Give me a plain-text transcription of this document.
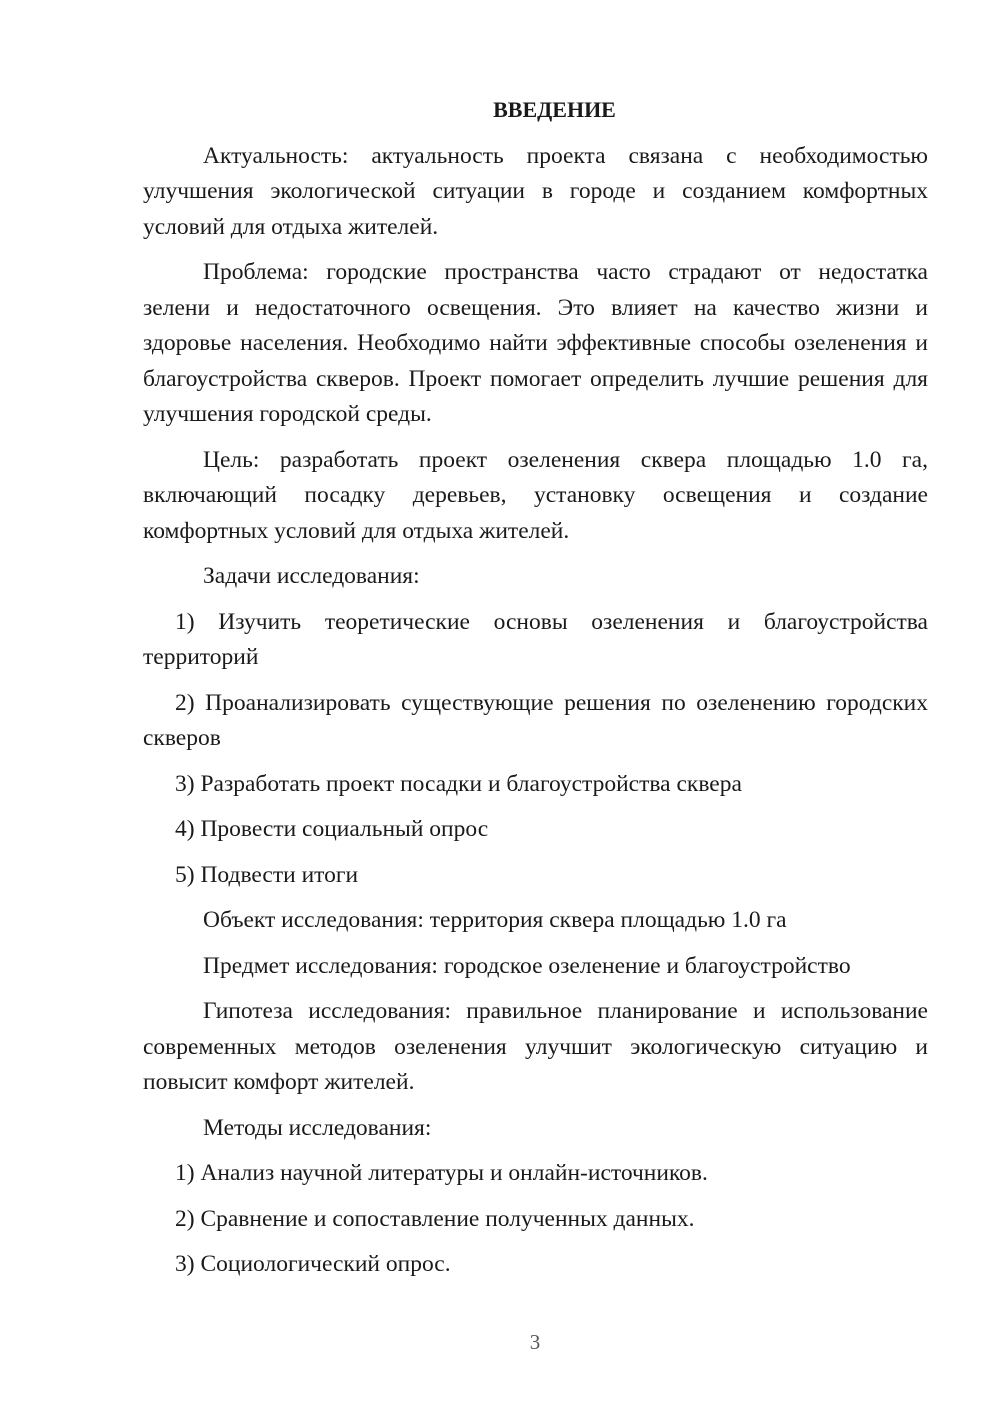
ВВЕДЕНИЕ

Актуальность: актуальность проекта связана с необходимостью улучшения экологической ситуации в городе и созданием комфортных условий для отдыха жителей.

Проблема: городские пространства часто страдают от недостатка зелени и недостаточного освещения. Это влияет на качество жизни и здоровье населения. Необходимо найти эффективные способы озеленения и благоустройства скверов. Проект помогает определить лучшие решения для улучшения городской среды.

Цель: разработать проект озеленения сквера площадью 1.0 га, включающий посадку деревьев, установку освещения и создание комфортных условий для отдыха жителей.

Задачи исследования:

1) Изучить теоретические основы озеленения и благоустройства территорий

2) Проанализировать существующие решения по озеленению городских скверов

3) Разработать проект посадки и благоустройства сквера

4) Провести социальный опрос

5) Подвести итоги

Объект исследования: территория сквера площадью 1.0 га

Предмет исследования: городское озеленение и благоустройство

Гипотеза исследования: правильное планирование и использование современных методов озеленения улучшит экологическую ситуацию и повысит комфорт жителей.

Методы исследования:

1) Анализ научной литературы и онлайн-источников.

2) Сравнение и сопоставление полученных данных.

3) Социологический опрос.

3
